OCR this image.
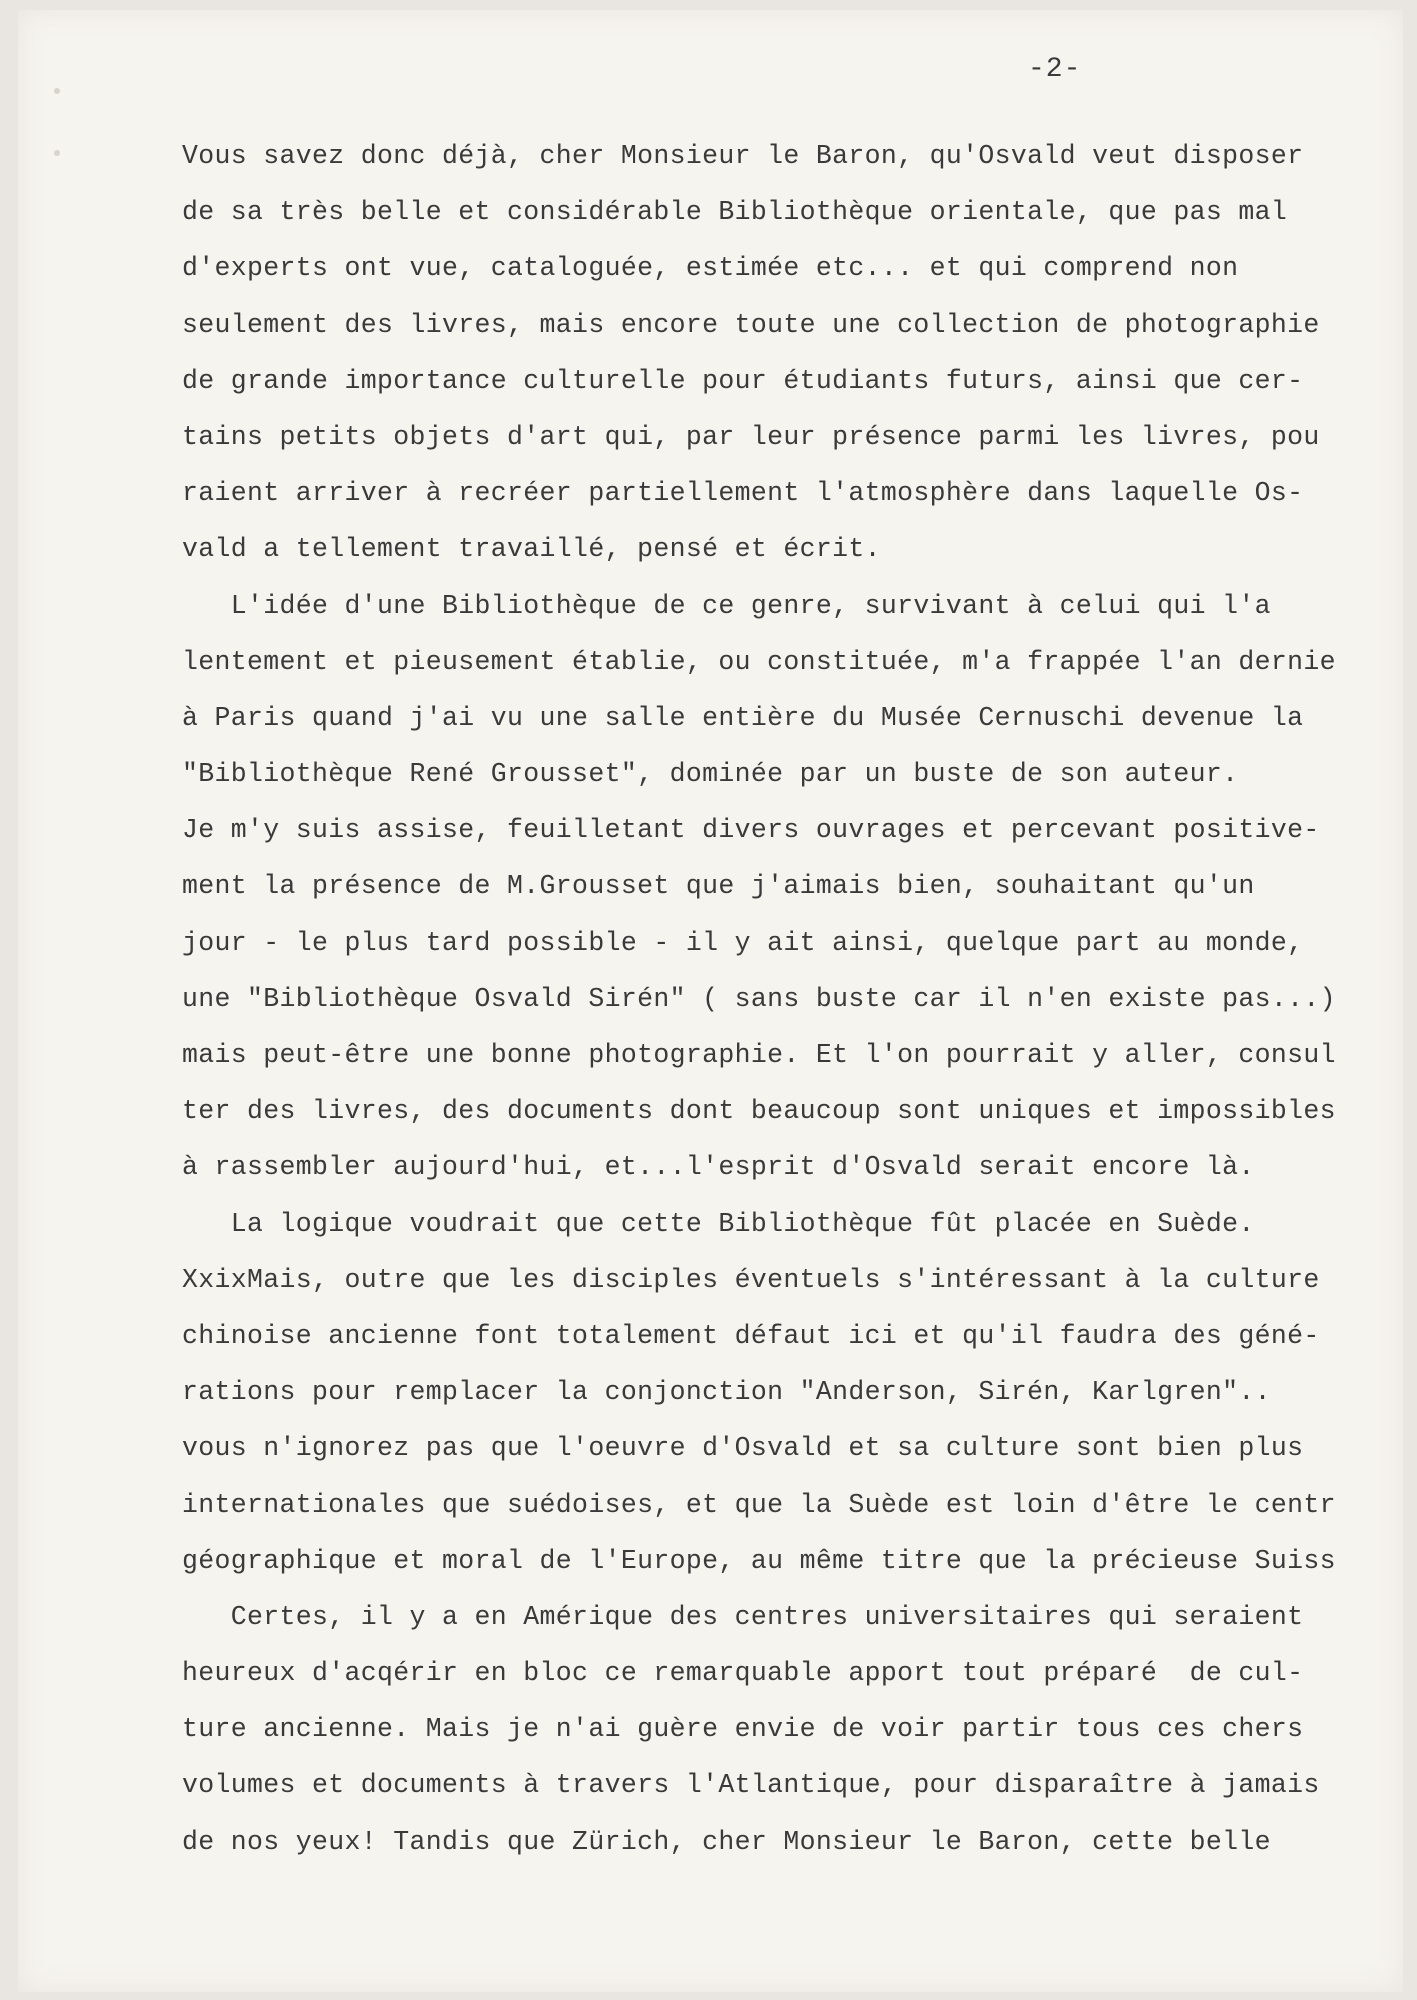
-2-
Vous savez donc déjà, cher Monsieur le Baron, qu'Osvald veut disposer
de sa très belle et considérable Bibliothèque orientale, que pas mal
d'experts ont vue, cataloguée, estimée etc... et qui comprend non
seulement des livres, mais encore toute une collection de photographie
de grande importance culturelle pour étudiants futurs, ainsi que cer-
tains petits objets d'art qui, par leur présence parmi les livres, pou
raient arriver à recréer partiellement l'atmosphère dans laquelle Os-
vald a tellement travaillé, pensé et écrit.
L'idée d'une Bibliothèque de ce genre, survivant à celui qui l'a
lentement et pieusement établie, ou constituée, m'a frappée l'an dernie
à Paris quand j'ai vu une salle entière du Musée Cernuschi devenue la
"Bibliothèque René Grousset", dominée par un buste de son auteur.
Je m'y suis assise, feuilletant divers ouvrages et percevant positive-
ment la présence de M.Grousset que j'aimais bien, souhaitant qu'un
jour - le plus tard possible - il y ait ainsi, quelque part au monde,
une "Bibliothèque Osvald Sirén" ( sans buste car il n'en existe pas...)
mais peut-être une bonne photographie. Et l'on pourrait y aller, consul
ter des livres, des documents dont beaucoup sont uniques et impossibles
à rassembler aujourd'hui, et...l'esprit d'Osvald serait encore là.
La logique voudrait que cette Bibliothèque fût placée en Suède.
XxixMais, outre que les disciples éventuels s'intéressant à la culture
chinoise ancienne font totalement défaut ici et qu'il faudra des géné-
rations pour remplacer la conjonction "Anderson, Sirén, Karlgren"..
vous n'ignorez pas que l'oeuvre d'Osvald et sa culture sont bien plus
internationales que suédoises, et que la Suède est loin d'être le centr
géographique et moral de l'Europe, au même titre que la précieuse Suiss
Certes, il y a en Amérique des centres universitaires qui seraient
heureux d'acqérir en bloc ce remarquable apport tout préparé  de cul-
ture ancienne. Mais je n'ai guère envie de voir partir tous ces chers
volumes et documents à travers l'Atlantique, pour disparaître à jamais
de nos yeux! Tandis que Zürich, cher Monsieur le Baron, cette belle
